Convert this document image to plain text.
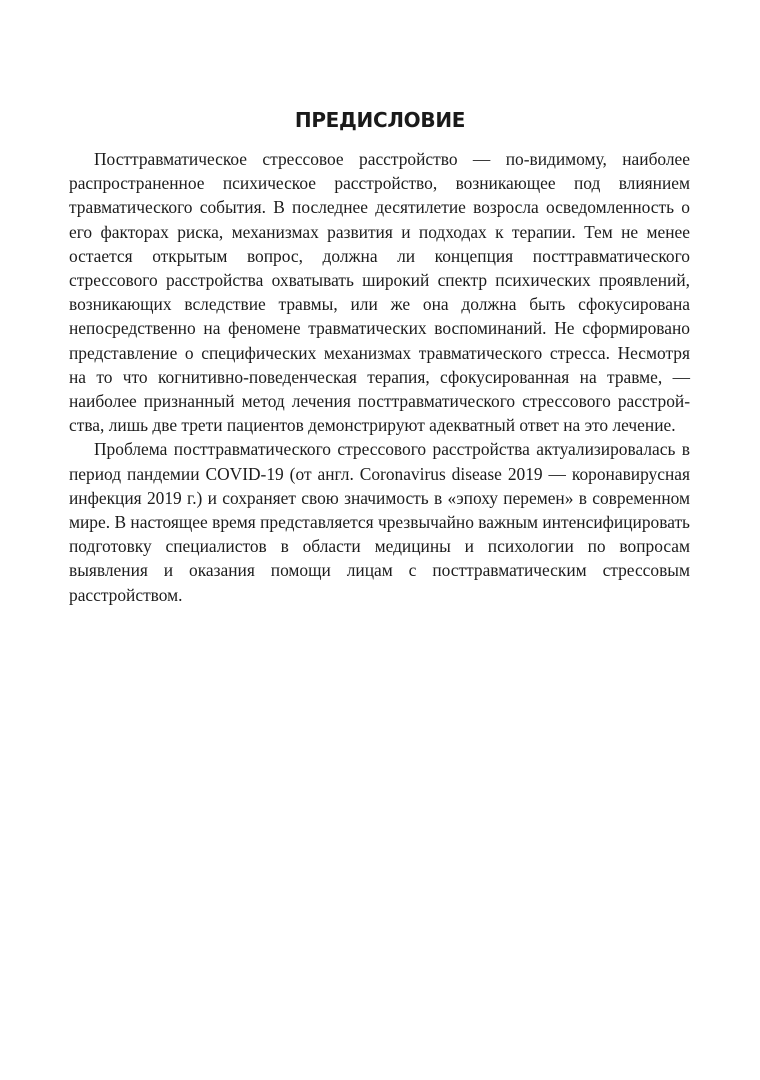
ПРЕДИСЛОВИЕ

Посттравматическое стрессовое расстройство — по-видимому, наиболее распространенное психическое расстройство, возникающее под влиянием травматического события. В последнее десятилетие возросла осведомленность о его факторах риска, механизмах развития и подходах к терапии. Тем не менее остается открытым вопрос, должна ли концепция посттравматического стрессового расстройства охватывать широкий спектр психических проявлений, возникающих вследствие травмы, или же она должна быть сфокусирована непосредственно на феномене травматических воспоминаний. Не сформировано представление о специфических механизмах травматического стресса. Несмотря на то что когнитивно-поведенческая терапия, сфокусированная на травме, — наиболее признанный метод лечения посттравматического стрессового расстройства, лишь две трети пациентов демонстрируют адекватный ответ на это лечение.

Проблема посттравматического стрессового расстройства актуализировалась в период пандемии COVID-19 (от англ. Coronavirus disease 2019 — коронавирусная инфекция 2019 г.) и сохраняет свою значимость в «эпоху перемен» в современном мире. В настоящее время представляется чрезвычайно важным интенсифицировать подготовку специалистов в области медицины и психологии по вопросам выявления и оказания помощи лицам с посттравматическим стрессовым расстройством.
